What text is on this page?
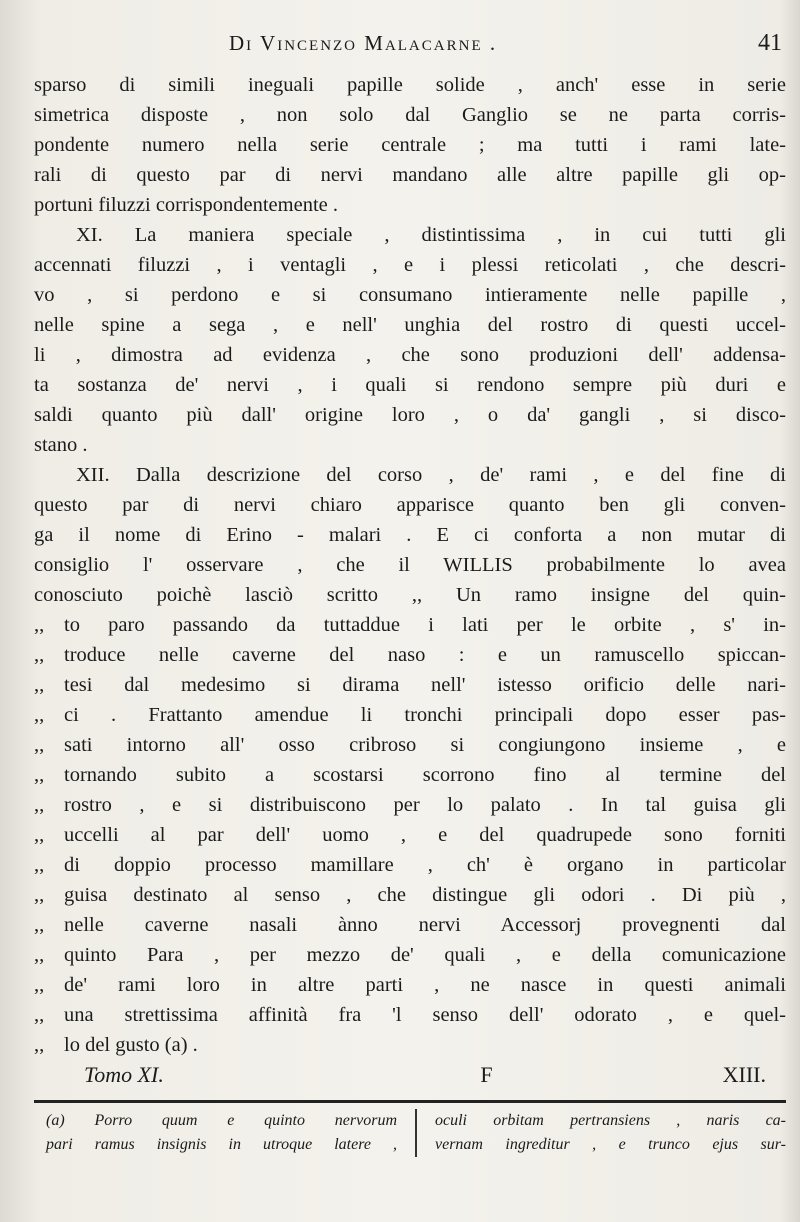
Di Vincenzo Malacarne .	41
sparso di simili ineguali papille solide , anch' esse in serie
simetrica disposte , non solo dal Ganglio se ne parta corris-
pondente numero nella serie centrale ; ma tutti i rami late-
rali di questo par di nervi mandano alle altre papille gli op-
portuni filuzzi corrispondentemente .
XI. La maniera speciale , distintissima , in cui tutti gli
accennati filuzzi , i ventagli , e i plessi reticolati , che descri-
vo , si perdono e si consumano intieramente nelle papille ,
nelle spine a sega , e nell' unghia del rostro di questi uccel-
li , dimostra ad evidenza , che sono produzioni dell' addensa-
ta sostanza de' nervi , i quali si rendono sempre più duri e
saldi quanto più dall' origine loro , o da' gangli , si disco-
stano .
XII. Dalla descrizione del corso , de' rami , e del fine di
questo par di nervi chiaro apparisce quanto ben gli conven-
ga il nome di Erino - malari . E ci conforta a non mutar di
consiglio l' osservare , che il WILLIS probabilmente lo avea
conosciuto poichè lasciò scritto ,, Un ramo insigne del quin-
,, to paro passando da tuttaddue i lati per le orbite , s' in-
,, troduce nelle caverne del naso : e un ramuscello spiccan-
,, tesi dal medesimo si dirama nell' istesso orificio delle nari-
,, ci . Frattanto amendue li tronchi principali dopo esser pas-
,, sati intorno all' osso cribroso si congiungono insieme , e
,, tornando subito a scostarsi scorrono fino al termine del
,, rostro , e si distribuiscono per lo palato . In tal guisa gli
,, uccelli al par dell' uomo , e del quadrupede sono forniti
,, di doppio processo mamillare , ch' è organo in particolar
,, guisa destinato al senso , che distingue gli odori . Di più ,
,, nelle caverne nasali ànno nervi Accessorj provegnenti dal
,, quinto Para , per mezzo de' quali , e della comunicazione
,, de' rami loro in altre parti , ne nasce in questi animali
,, una strettissima affinità fra 'l senso dell' odorato , e quel-
,, lo del gusto (a) .
Tomo XI.	F	XIII.
(a) Porro quum e quinto nervorum
pari ramus insignis in utroque latere ,
oculi orbitam pertransiens , naris ca-
vernam ingreditur , e trunco ejus sur-
